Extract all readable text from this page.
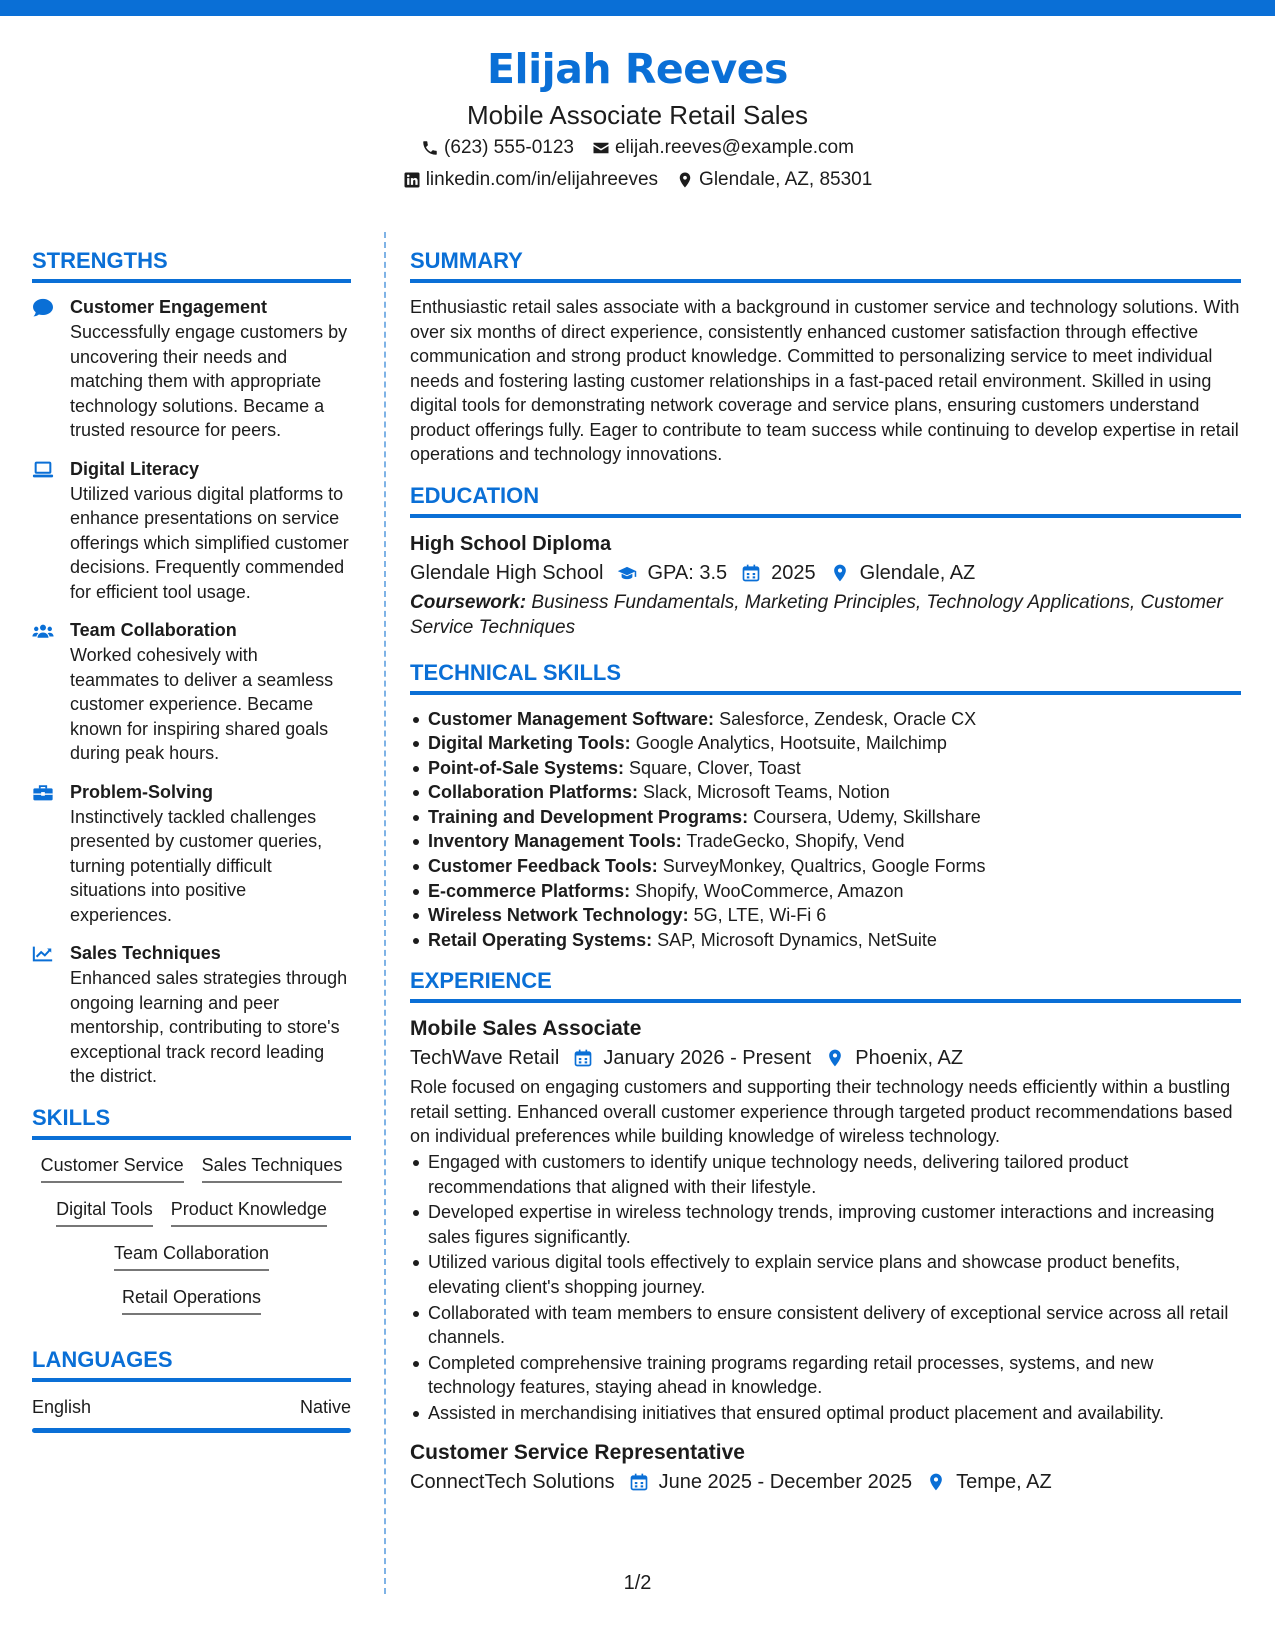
Elijah Reeves
Mobile Associate Retail Sales
(623) 555-0123 elijah.reeves@example.com
linkedin.com/in/elijahreeves Glendale, AZ, 85301
STRENGTHS
Customer Engagement
Successfully engage customers by uncovering their needs and matching them with appropriate technology solutions. Became a trusted resource for peers.
Digital Literacy
Utilized various digital platforms to enhance presentations on service offerings which simplified customer decisions. Frequently commended for efficient tool usage.
Team Collaboration
Worked cohesively with teammates to deliver a seamless customer experience. Became known for inspiring shared goals during peak hours.
Problem-Solving
Instinctively tackled challenges presented by customer queries, turning potentially difficult situations into positive experiences.
Sales Techniques
Enhanced sales strategies through ongoing learning and peer mentorship, contributing to store's exceptional track record leading the district.
SKILLS
Customer Service Sales Techniques
Digital Tools Product Knowledge
Team Collaboration
Retail Operations
LANGUAGES
English	Native
SUMMARY
Enthusiastic retail sales associate with a background in customer service and technology solutions. With over six months of direct experience, consistently enhanced customer satisfaction through effective communication and strong product knowledge. Committed to personalizing service to meet individual needs and fostering lasting customer relationships in a fast-paced retail environment. Skilled in using digital tools for demonstrating network coverage and service plans, ensuring customers understand product offerings fully. Eager to contribute to team success while continuing to develop expertise in retail operations and technology innovations.
EDUCATION
High School Diploma
Glendale High School GPA: 3.5 2025 Glendale, AZ
Coursework: Business Fundamentals, Marketing Principles, Technology Applications, Customer Service Techniques
TECHNICAL SKILLS
Customer Management Software: Salesforce, Zendesk, Oracle CX
Digital Marketing Tools: Google Analytics, Hootsuite, Mailchimp
Point-of-Sale Systems: Square, Clover, Toast
Collaboration Platforms: Slack, Microsoft Teams, Notion
Training and Development Programs: Coursera, Udemy, Skillshare
Inventory Management Tools: TradeGecko, Shopify, Vend
Customer Feedback Tools: SurveyMonkey, Qualtrics, Google Forms
E-commerce Platforms: Shopify, WooCommerce, Amazon
Wireless Network Technology: 5G, LTE, Wi-Fi 6
Retail Operating Systems: SAP, Microsoft Dynamics, NetSuite
EXPERIENCE
Mobile Sales Associate
TechWave Retail January 2026 - Present Phoenix, AZ
Role focused on engaging customers and supporting their technology needs efficiently within a bustling retail setting. Enhanced overall customer experience through targeted product recommendations based on individual preferences while building knowledge of wireless technology.
Engaged with customers to identify unique technology needs, delivering tailored product recommendations that aligned with their lifestyle.
Developed expertise in wireless technology trends, improving customer interactions and increasing sales figures significantly.
Utilized various digital tools effectively to explain service plans and showcase product benefits, elevating client's shopping journey.
Collaborated with team members to ensure consistent delivery of exceptional service across all retail channels.
Completed comprehensive training programs regarding retail processes, systems, and new technology features, staying ahead in knowledge.
Assisted in merchandising initiatives that ensured optimal product placement and availability.
Customer Service Representative
ConnectTech Solutions June 2025 - December 2025 Tempe, AZ
1/2
